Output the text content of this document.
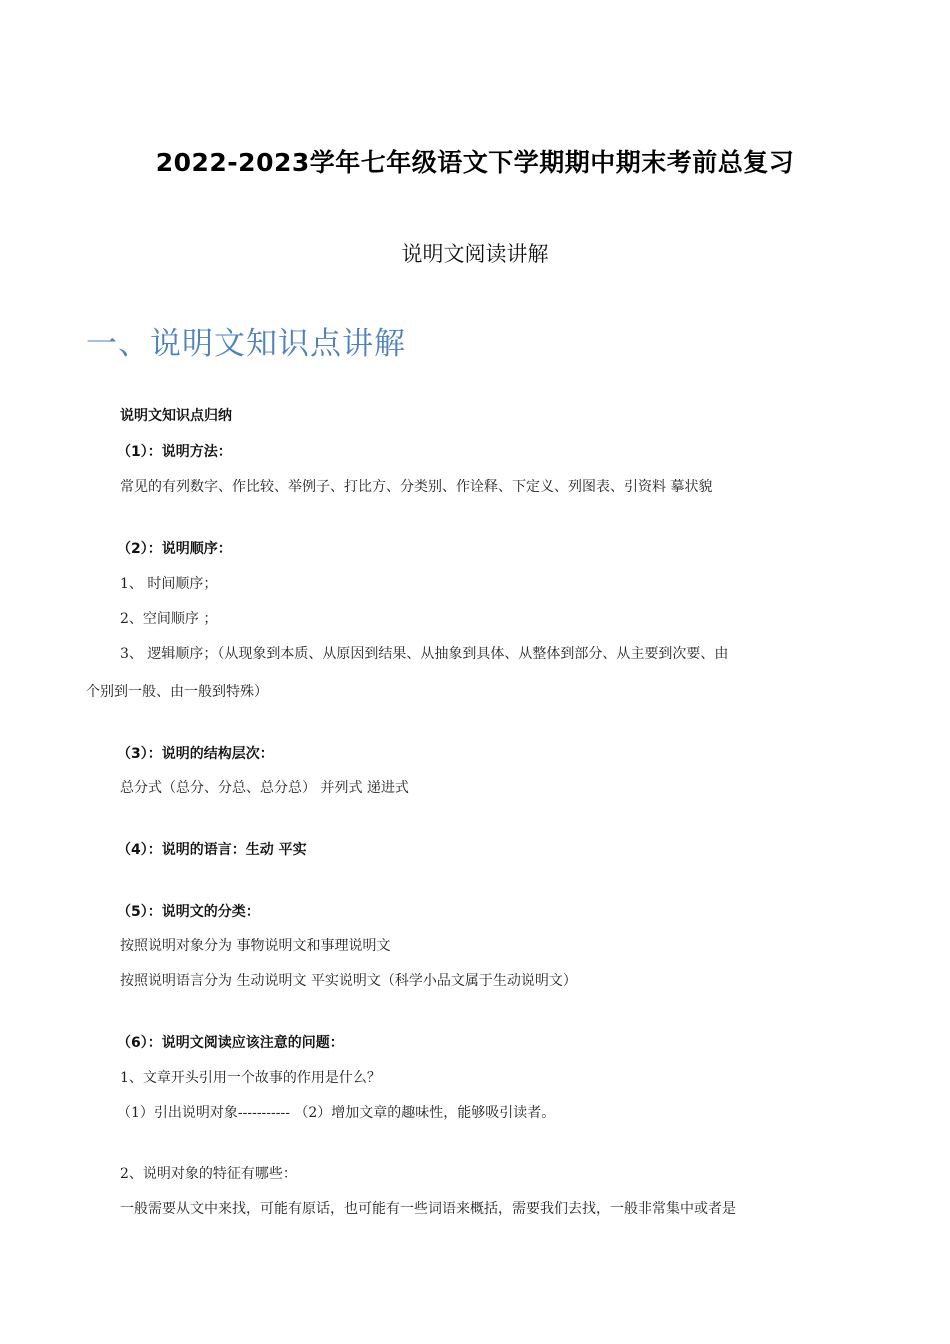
2022-2023学年七年级语文下学期期中期末考前总复习
说明文阅读讲解
一、说明文知识点讲解
说明文知识点归纳
（1）：说明方法：
常见的有列数字、作比较、举例子、打比方、分类别、作诠释、下定义、列图表、引资料 摹状貌
（2）：说明顺序：
1、 时间顺序；
2、空间顺序 ；
3、 逻辑顺序；（从现象到本质、从原因到结果、从抽象到具体、从整体到部分、从主要到次要、由
个别到一般、由一般到特殊）
（3）：说明的结构层次：
总分式（总分、分总、总分总） 并列式 递进式
（4）：说明的语言：生动 平实
（5）：说明文的分类：
按照说明对象分为 事物说明文和事理说明文
按照说明语言分为 生动说明文 平实说明文（科学小品文属于生动说明文）
（6）：说明文阅读应该注意的问题：
1、文章开头引用一个故事的作用是什么？
（1）引出说明对象----------- （2）增加文章的趣味性，能够吸引读者。
2、说明对象的特征有哪些：
一般需要从文中来找，可能有原话，也可能有一些词语来概括，需要我们去找，一般非常集中或者是
